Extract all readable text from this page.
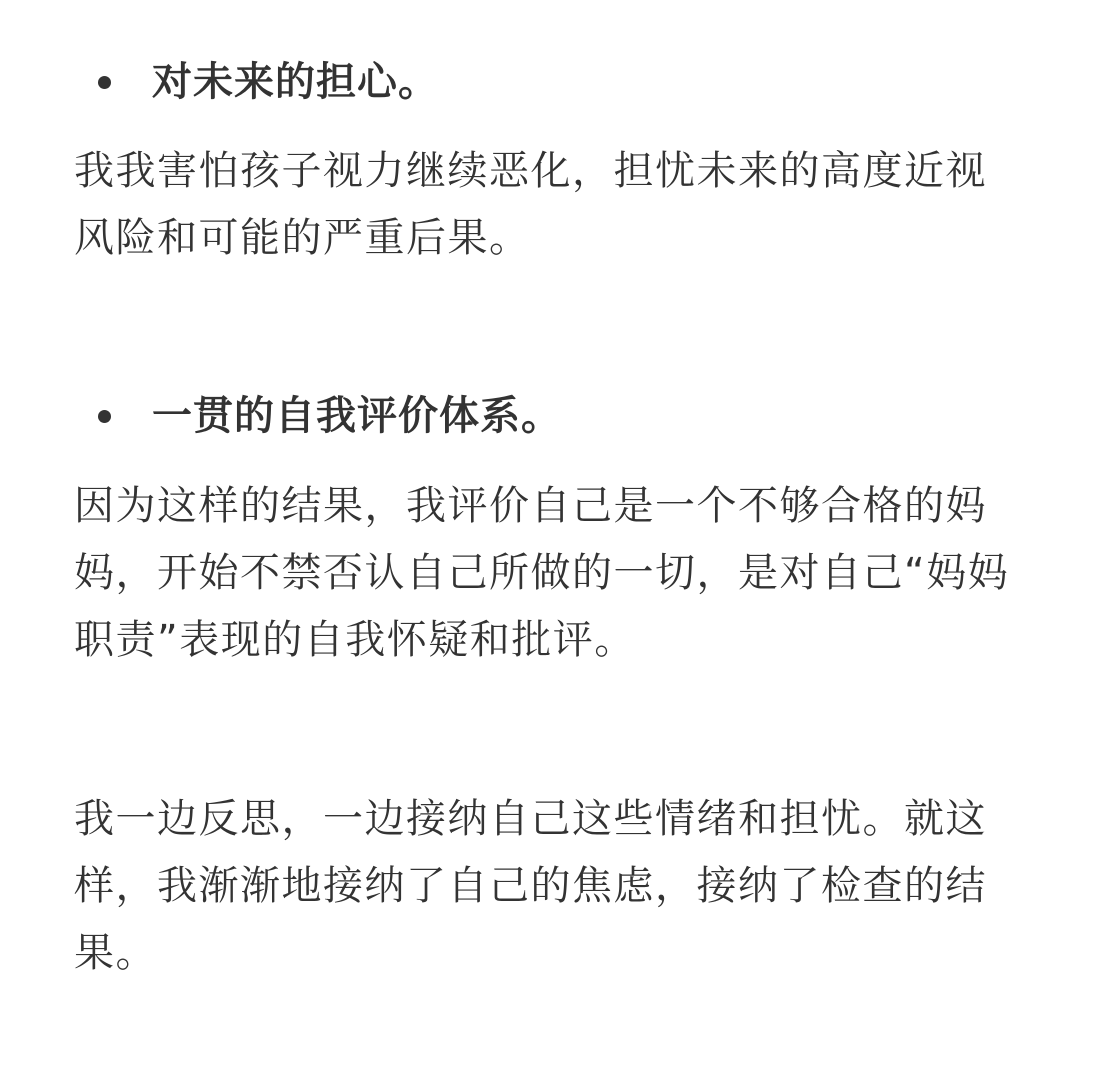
对未来的担心。

我我害怕孩子视力继续恶化，担忧未来的高度近视风险和可能的严重后果。

一贯的自我评价体系。

因为这样的结果，我评价自己是一个不够合格的妈妈，开始不禁否认自己所做的一切，是对自己“妈妈职责”表现的自我怀疑和批评。

我一边反思，一边接纳自己这些情绪和担忧。就这样，我渐渐地接纳了自己的焦虑，接纳了检查的结果。
